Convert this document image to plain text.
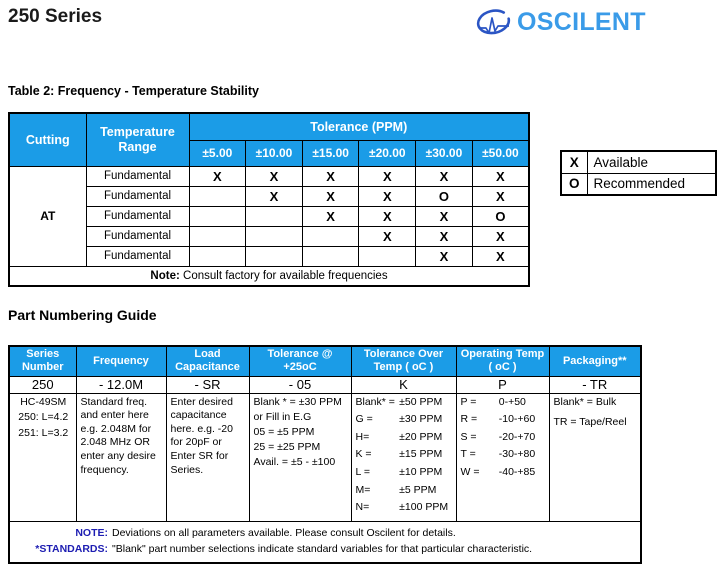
250 Series	OSCILENT
Table 2: Frequency - Temperature Stability
Cutting	Temperature Range	Tolerance (PPM)					
		±5.00	±10.00	±15.00	±20.00	±30.00	±50.00
AT	Fundamental	X	X	X	X	X	X
	Fundamental		X	X	X	O	X
	Fundamental			X	X	X	O
	Fundamental				X	X	X
	Fundamental					X	X
Note: Consult factory for available frequencies							
X	Available
O	Recommended
Part Numbering Guide
Series Number	Frequency	Load Capacitance	Tolerance @ +25oC	Tolerance Over Temp ( oC )	Operating Temp ( oC )	Packaging**
250	- 12.0M	- SR	- 05	K	P	- TR

HC-49SM
250: L=4.2
251: L=3.2

Standard freq. and enter here e.g. 2.048M for 2.048 MHz OR enter any desire frequency.

Enter desired capacitance here. e.g. -20 for 20pF or Enter SR for Series.

Blank * = ±30 PPM
or Fill in E.G
05 = ±5 PPM
25 = ±25 PPM
Avail. = ±5 - ±100

Blank* = ±50 PPM
G =	±30 PPM
H=	±20 PPM
K =	±15 PPM
L =	±10 PPM
M=	±5 PPM
N=	±100 PPM

P =	0-+50
R =	-10-+60
S =	-20-+70
T =	-30-+80
W =	-40-+85

Blank* = Bulk
TR = Tape/Reel

NOTE: Deviations on all parameters available. Please consult Oscilent for details.
*STANDARDS: "Blank" part number selections indicate standard variables for that particular characteristic.						
